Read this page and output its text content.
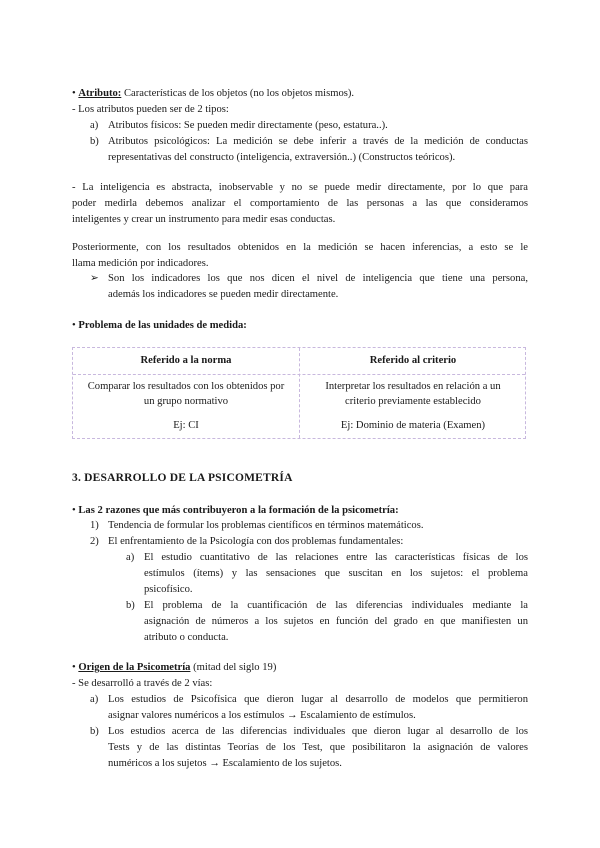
• Atributo: Características de los objetos (no los objetos mismos).
- Los atributos pueden ser de 2 tipos:
a) Atributos físicos: Se pueden medir directamente (peso, estatura..).
b) Atributos psicológicos: La medición se debe inferir a través de la medición de conductas
representativas del constructo (inteligencia, extraversión..) (Constructos teóricos).
- La inteligencia es abstracta, inobservable y no se puede medir directamente, por lo que para
poder medirla debemos analizar el comportamiento de las personas a las que consideramos
inteligentes y crear un instrumento para medir esas conductas.
Posteriormente, con los resultados obtenidos en la medición se hacen inferencias, a esto se le
llama medición por indicadores.
➢ Son los indicadores los que nos dicen el nivel de inteligencia que tiene una persona,
además los indicadores se pueden medir directamente.
• Problema de las unidades de medida:
Referido a la norma	Referido al criterio
Comparar los resultados con los obtenidos por
un grupo normativo
Ej: CI
Interpretar los resultados en relación a un
criterio previamente establecido
Ej: Dominio de materia (Examen)
3. DESARROLLO DE LA PSICOMETRÍA
• Las 2 razones que más contribuyeron a la formación de la psicometría:
1) Tendencia de formular los problemas científicos en términos matemáticos.
2) El enfrentamiento de la Psicología con dos problemas fundamentales:
a) El estudio cuantitativo de las relaciones entre las características físicas de los
estímulos (ítems) y las sensaciones que suscitan en los sujetos: el problema
psicofísico.
b) El problema de la cuantificación de las diferencias individuales mediante la
asignación de números a los sujetos en función del grado en que manifiesten un
atributo o conducta.
• Origen de la Psicometría (mitad del siglo 19)
- Se desarrolló a través de 2 vías:
a) Los estudios de Psicofísica que dieron lugar al desarrollo de modelos que permitieron
asignar valores numéricos a los estímulos → Escalamiento de estímulos.
b) Los estudios acerca de las diferencias individuales que dieron lugar al desarrollo de los
Tests y de las distintas Teorías de los Test, que posibilitaron la asignación de valores
numéricos a los sujetos → Escalamiento de los sujetos.
